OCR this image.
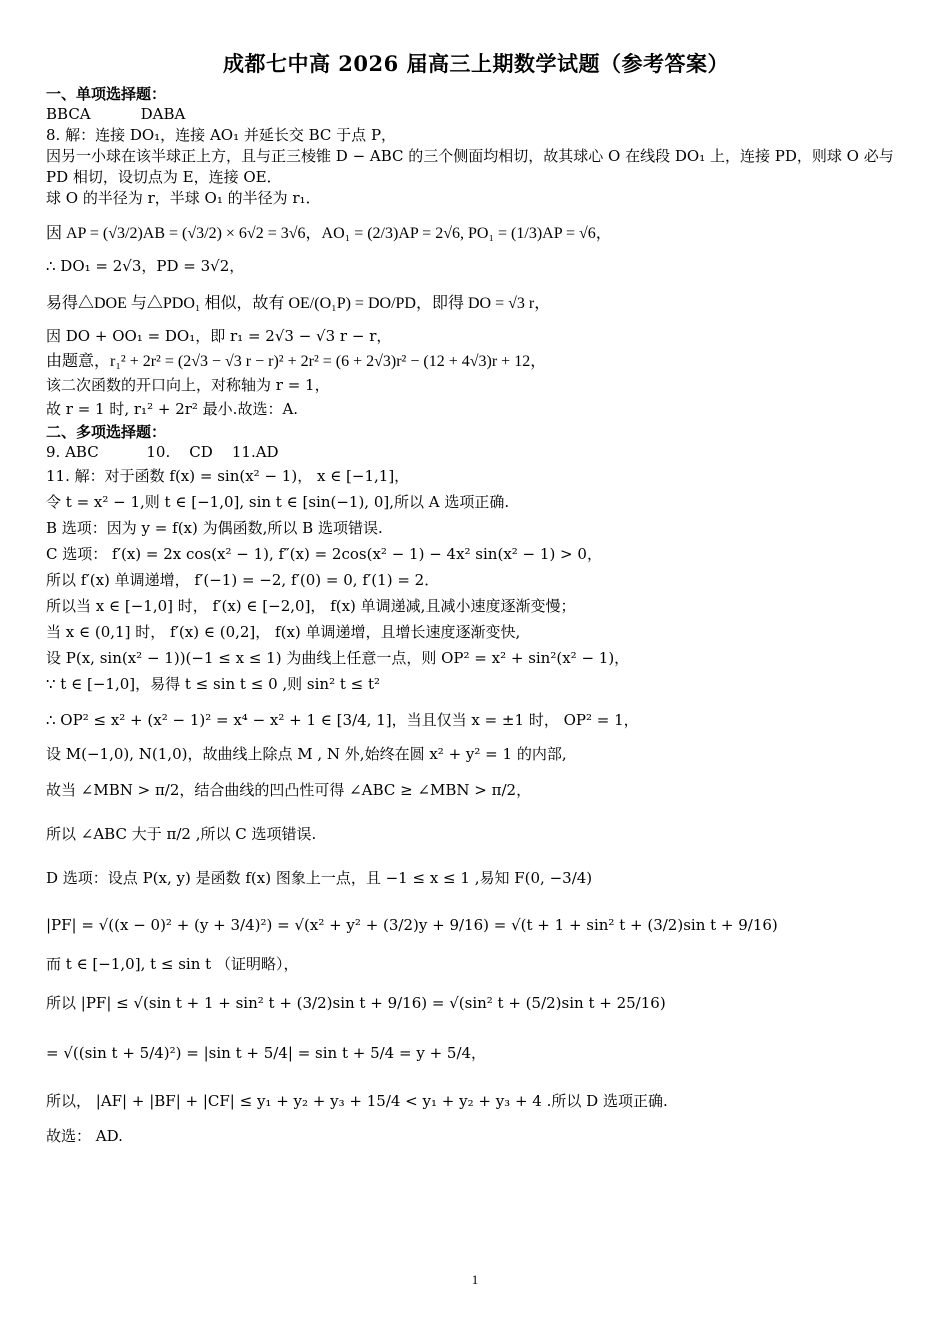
成都七中高 2026 届高三上期数学试题（参考答案）
一、单项选择题：
BBCA	DABA

8. 解：连接 DO₁，连接 AO₁ 并延长交 BC 于点 P，

因另一小球在该半球正上方，且与正三棱锥 D − ABC 的三个侧面均相切，故其球心 O 在线段 DO₁ 上，连接 PD，则球 O 必与 PD 相切，设切点为 E，连接 OE．

球 O 的半径为 r，半球 O₁ 的半径为 r₁．

因 AP = (√3/2)AB = (√3/2) × 6√2 = 3√6，AO₁ = (2/3)AP = 2√6, PO₁ = (1/3)AP = √6，

∴ DO₁ = 2√3，PD = 3√2，

易得△DOE 与△PDO₁ 相似，故有 OE/(O₁P) = DO/PD，即得 DO = √3 r，

因 DO + OO₁ = DO₁，即 r₁ = 2√3 − √3 r − r，

由题意，r₁² + 2r² = (2√3 − √3 r − r)² + 2r² = (6 + 2√3)r² − (12 + 4√3)r + 12，

该二次函数的开口向上，对称轴为 r = 1，

故 r = 1 时, r₁² + 2r² 最小.故选：A.

二、多项选择题：

9. ABC          10.    CD    11.AD

11. 解：对于函数 f(x) = sin(x² − 1)， x ∈ [−1,1]，

令 t = x² − 1,则 t ∈ [−1,0], sin t ∈ [sin(−1), 0],所以 A 选项正确.

B 选项：因为 y = f(x) 为偶函数,所以 B 选项错误.

C 选项： f′(x) = 2x cos(x² − 1), f″(x) = 2cos(x² − 1) − 4x² sin(x² − 1) > 0，

所以 f′(x) 单调递增， f′(−1) = −2, f′(0) = 0, f′(1) = 2．

所以当 x ∈ [−1,0] 时， f′(x) ∈ [−2,0]， f(x) 单调递减,且减小速度逐渐变慢；

当 x ∈ (0,1] 时， f′(x) ∈ (0,2]， f(x) 单调递增，且增长速度逐渐变快,

设 P(x, sin(x² − 1))(−1 ≤ x ≤ 1) 为曲线上任意一点，则 OP² = x² + sin²(x² − 1)，

∵ t ∈ [−1,0]，易得 t ≤ sin t ≤ 0 ,则 sin² t ≤ t²

∴ OP² ≤ x² + (x² − 1)² = x⁴ − x² + 1 ∈ [3/4, 1]，当且仅当 x = ±1 时， OP² = 1，

设 M(−1,0), N(1,0)，故曲线上除点 M , N 外,始终在圆 x² + y² = 1 的内部,

故当 ∠MBN > π/2，结合曲线的凹凸性可得 ∠ABC ≥ ∠MBN > π/2，
所以 ∠ABC 大于 π/2 ,所以 C 选项错误.
D 选项：设点 P(x, y) 是函数 f(x) 图象上一点，且 −1 ≤ x ≤ 1 ,易知 F(0, −3/4)
|PF| = √((x − 0)² + (y + 3/4)²) = √(x² + y² + (3/2)y + 9/16) = √(t + 1 + sin² t + (3/2)sin t + 9/16)

而 t ∈ [−1,0], t ≤ sin t （证明略），

所以 |PF| ≤ √(sin t + 1 + sin² t + (3/2)sin t + 9/16) = √(sin² t + (5/2)sin t + 25/16)
= √((sin t + 5/4)²) = |sin t + 5/4| = sin t + 5/4 = y + 5/4，
所以， |AF| + |BF| + |CF| ≤ y₁ + y₂ + y₃ + 15/4 < y₁ + y₂ + y₃ + 4 .所以 D 选项正确.

故选： AD.

1
